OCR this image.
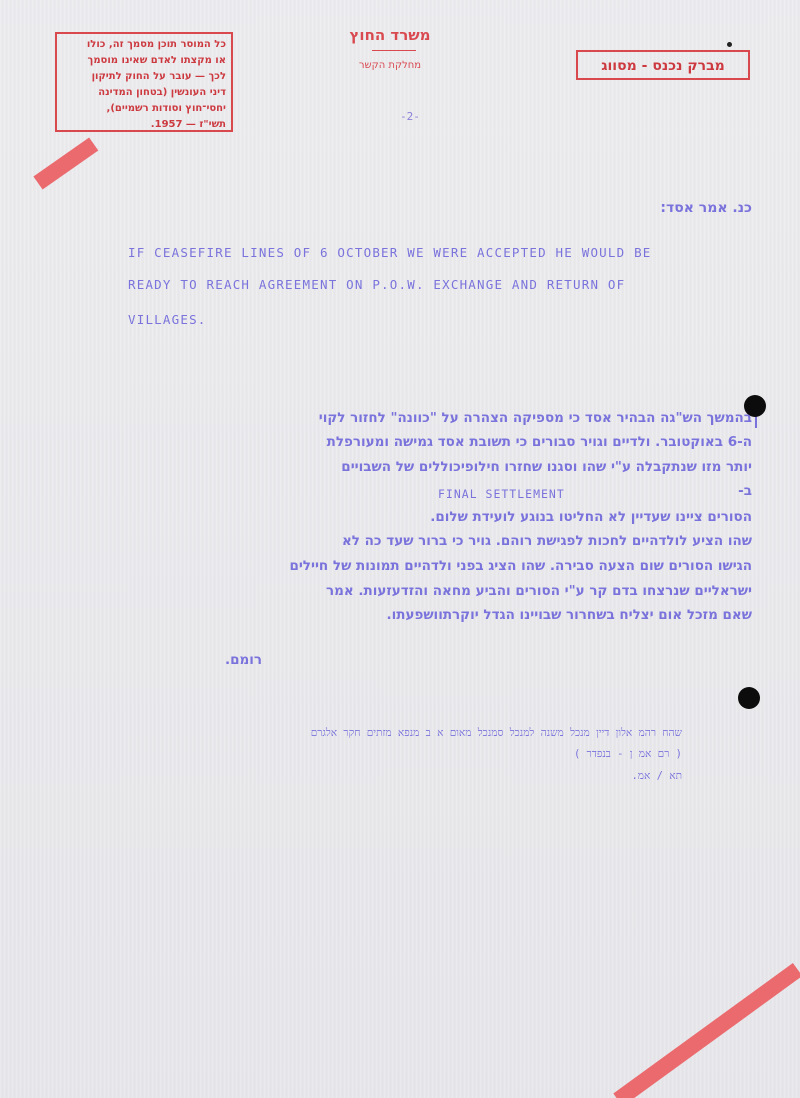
כל המוסר תוכן מסמך זה, כולו
או מקצתו לאדם שאינו מוסמך
לכך — עובר על החוק לתיקון
דיני העונשין (בטחון המדינה
יחסי־חוץ וסודות רשמיים),
תשי"ז — 1957.
משרד החוץ
מחלקת הקשר	מברק נכנס - מסווג
-2-
כנ. אמר אסד:
IF CEASEFIRE LINES OF 6 OCTOBER WE WERE ACCEPTED HE WOULD BE
READY TO REACH AGREEMENT ON P.O.W. EXCHANGE AND RETURN OF
VILLAGES.
בהמשך הש"גה הבהיר אסד כי מספיקה הצהרה על "כוונה" לחזור לקוי
ה-6 באוקטובר. ולדיים וגויר סבורים כי תשובת אסד גמישה ומעורפלת
יותר מזו שנתקבלה ע"י שהו וסגנו שחזרו חילופיכוללים של השבויים
ב-
FINAL SETTLEMENT
הסורים ציינו שעדיין לא החליטו בנוגע לועידת שלום.
שהו הציע לולדהיים לחכות לפגישת רוהם. גויר כי ברור שעד כה לא
הגישו הסורים שום הצעה סבירה. שהו הציג בפני ולדהיים תמונות של חיילים
ישראליים שנרצחו בדם קר ע"י הסורים והביע מחאה והזדעזעות. אמר
שאם מזכל אום יצליח בשחרור שבויינו הגדל יוקרתוושפעתו.
רומם.
שהח רהמ אלון דיין מנכל משנה למנכל סמנכל מאום א ב מנפא מזתים חקר אלגרם
( רם אמ ן - בנפדר )
תא / אמ.
